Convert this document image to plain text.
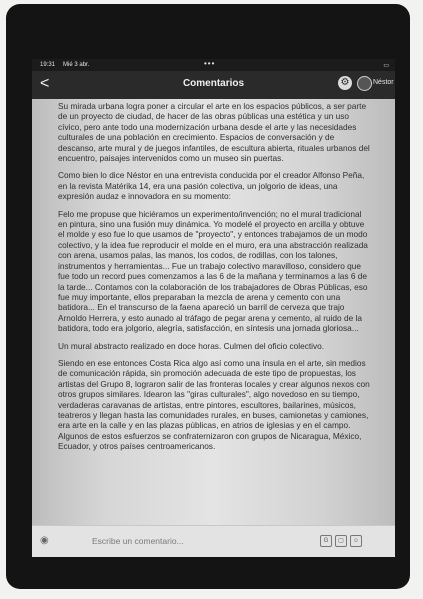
19:31 Mié 3 abr.	•••	▭
<	Comentarios	⚙	Néstor

Su mirada urbana logra poner a circular el arte en los espacios públicos, a ser parte de un proyecto de ciudad, de hacer de las obras públicas una estética y un uso cívico, pero ante todo una modernización urbana desde el arte y las necesidades culturales de una población en crecimiento. Espacios de conversación y de descanso, arte mural y de juegos infantiles, de escultura abierta, rituales urbanos del encuentro, paisajes intervenidos como un museo sin puertas.

Como bien lo dice Néstor en una entrevista conducida por el creador Alfonso Peña, en la revista Matérika 14, era una pasión colectiva, un jolgorio de ideas, una expresión audaz e innovadora en su momento:

Felo me propuse que hiciéramos un experimento/invención; no el mural tradicional en pintura, sino una fusión muy dinámica. Yo modelé el proyecto en arcilla y obtuve el molde y eso fue lo que usamos de "proyecto", y entonces trabajamos de un modo colectivo, y la idea fue reproducir el molde en el muro, era una abstracción realizada con arena, usamos palas, las manos, los codos, de rodillas, con los talones, instrumentos y herramientas... Fue un trabajo colectivo maravilloso, considero que fue todo un record pues comenzamos a las 6 de la mañana y terminamos a las 6 de la tarde... Contamos con la colaboración de los trabajadores de Obras Públicas, eso fue muy importante, ellos preparaban la mezcla de arena y cemento con una batidora... En el transcurso de la faena apareció un barril de cerveza que trajo Arnoldo Herrera, y esto aunado al tráfago de pegar arena y cemento, al ruido de la batidora, todo era jolgorio, alegría, satisfacción, en síntesis una jornada gloriosa...

Un mural abstracto realizado en doce horas. Culmen del oficio colectivo.

Siendo en ese entonces Costa Rica algo así como una ínsula en el arte, sin medios de comunicación rápida, sin promoción adecuada de este tipo de propuestas, los artistas del Grupo 8, lograron salir de las fronteras locales y crear algunos nexos con otros grupos similares. Idearon las "giras culturales", algo novedoso en su tiempo, verdaderas caravanas de artistas, entre pintores, escultores, bailarines, músicos, teatreros y llegan hasta las comunidades rurales, en buses, camionetas y camiones, era arte en la calle y en las plazas públicas, en atrios de iglesias y en el campo. Algunos de estos esfuerzos se confraternizaron con grupos de Nicaragua, México, Ecuador, y otros países centroamericanos.

◉	Escribe un comentario...	G	▢	☺
